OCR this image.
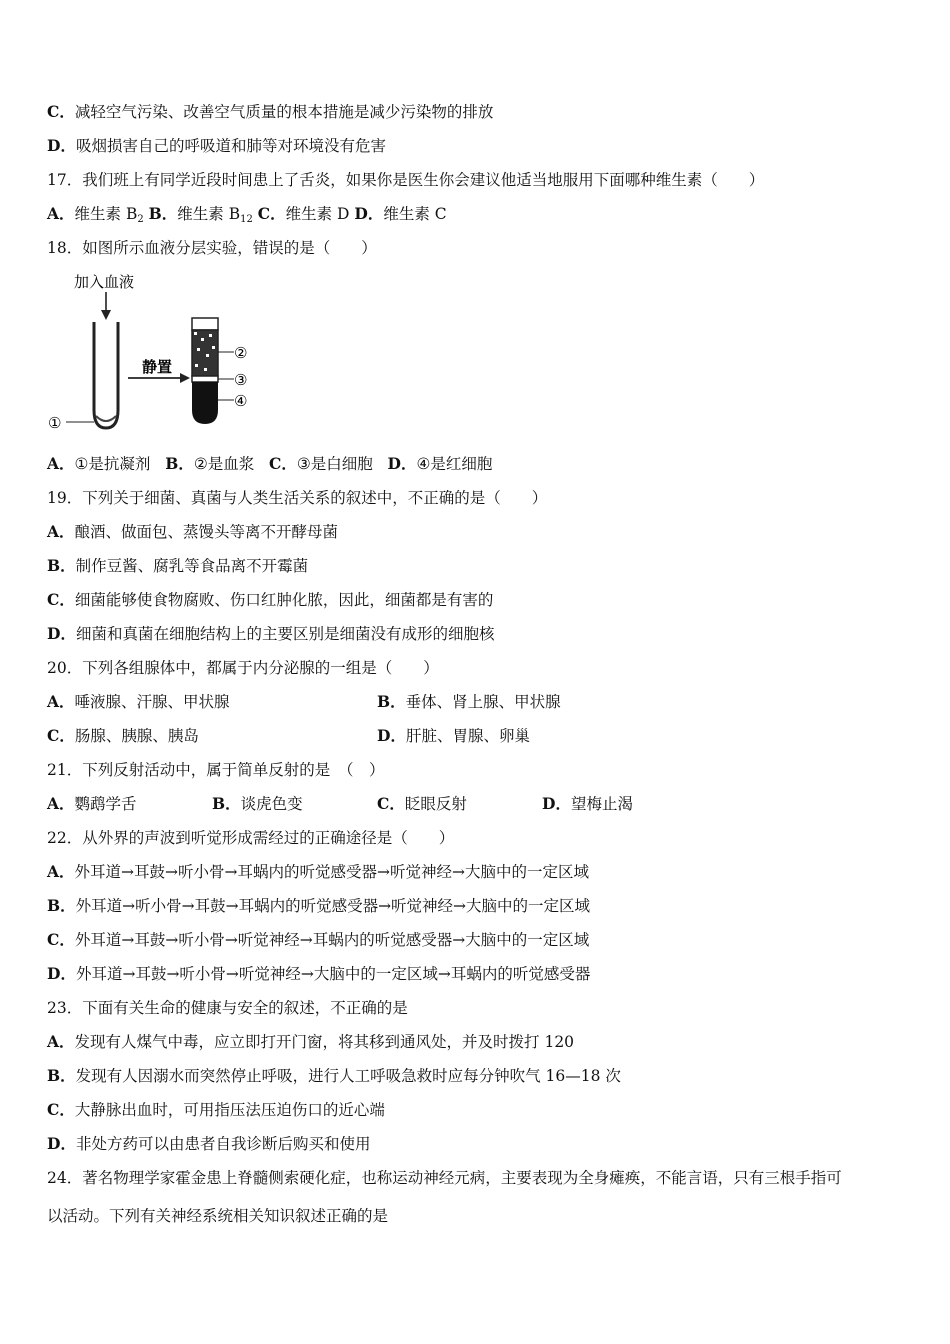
C．减轻空气污染、改善空气质量的根本措施是减少污染物的排放
D．吸烟损害自己的呼吸道和肺等对环境没有危害
17．我们班上有同学近段时间患上了舌炎，如果你是医生你会建议他适当地服用下面哪种维生素（　　）
A．维生素 $B_2$ B．维生素 $B_{12}$ C．维生素 D D．维生素 C
18．如图所示血液分层实验，错误的是（　　）
加入血液
①
静置
②
③
④
A．①是抗凝剂 B．②是血浆 C．③是白细胞 D．④是红细胞
19．下列关于细菌、真菌与人类生活关系的叙述中，不正确的是（　　）
A．酿酒、做面包、蒸馒头等离不开酵母菌
B．制作豆酱、腐乳等食品离不开霉菌
C．细菌能够使食物腐败、伤口红肿化脓，因此，细菌都是有害的
D．细菌和真菌在细胞结构上的主要区别是细菌没有成形的细胞核
20．下列各组腺体中，都属于内分泌腺的一组是（　　）
A．唾液腺、汗腺、甲状腺	B．垂体、肾上腺、甲状腺
C．肠腺、胰腺、胰岛	D．肝脏、胃腺、卵巢
21．下列反射活动中，属于简单反射的是　（　）
A．鹦鹉学舌	B．谈虎色变	C．眨眼反射	D．望梅止渴
22．从外界的声波到听觉形成需经过的正确途径是（　　）
A．外耳道→耳鼓→听小骨→耳蜗内的听觉感受器→听觉神经→大脑中的一定区域
B．外耳道→听小骨→耳鼓→耳蜗内的听觉感受器→听觉神经→大脑中的一定区域
C．外耳道→耳鼓→听小骨→听觉神经→耳蜗内的听觉感受器→大脑中的一定区域
D．外耳道→耳鼓→听小骨→听觉神经→大脑中的一定区域→耳蜗内的听觉感受器
23．下面有关生命的健康与安全的叙述，不正确的是
A．发现有人煤气中毒，应立即打开门窗，将其移到通风处，并及时拨打 120
B．发现有人因溺水而突然停止呼吸，进行人工呼吸急救时应每分钟吹气 16—18 次
C．大静脉出血时，可用指压法压迫伤口的近心端
D．非处方药可以由患者自我诊断后购买和使用
24．著名物理学家霍金患上脊髓侧索硬化症，也称运动神经元病，主要表现为全身瘫痪，不能言语，只有三根手指可
以活动。下列有关神经系统相关知识叙述正确的是
